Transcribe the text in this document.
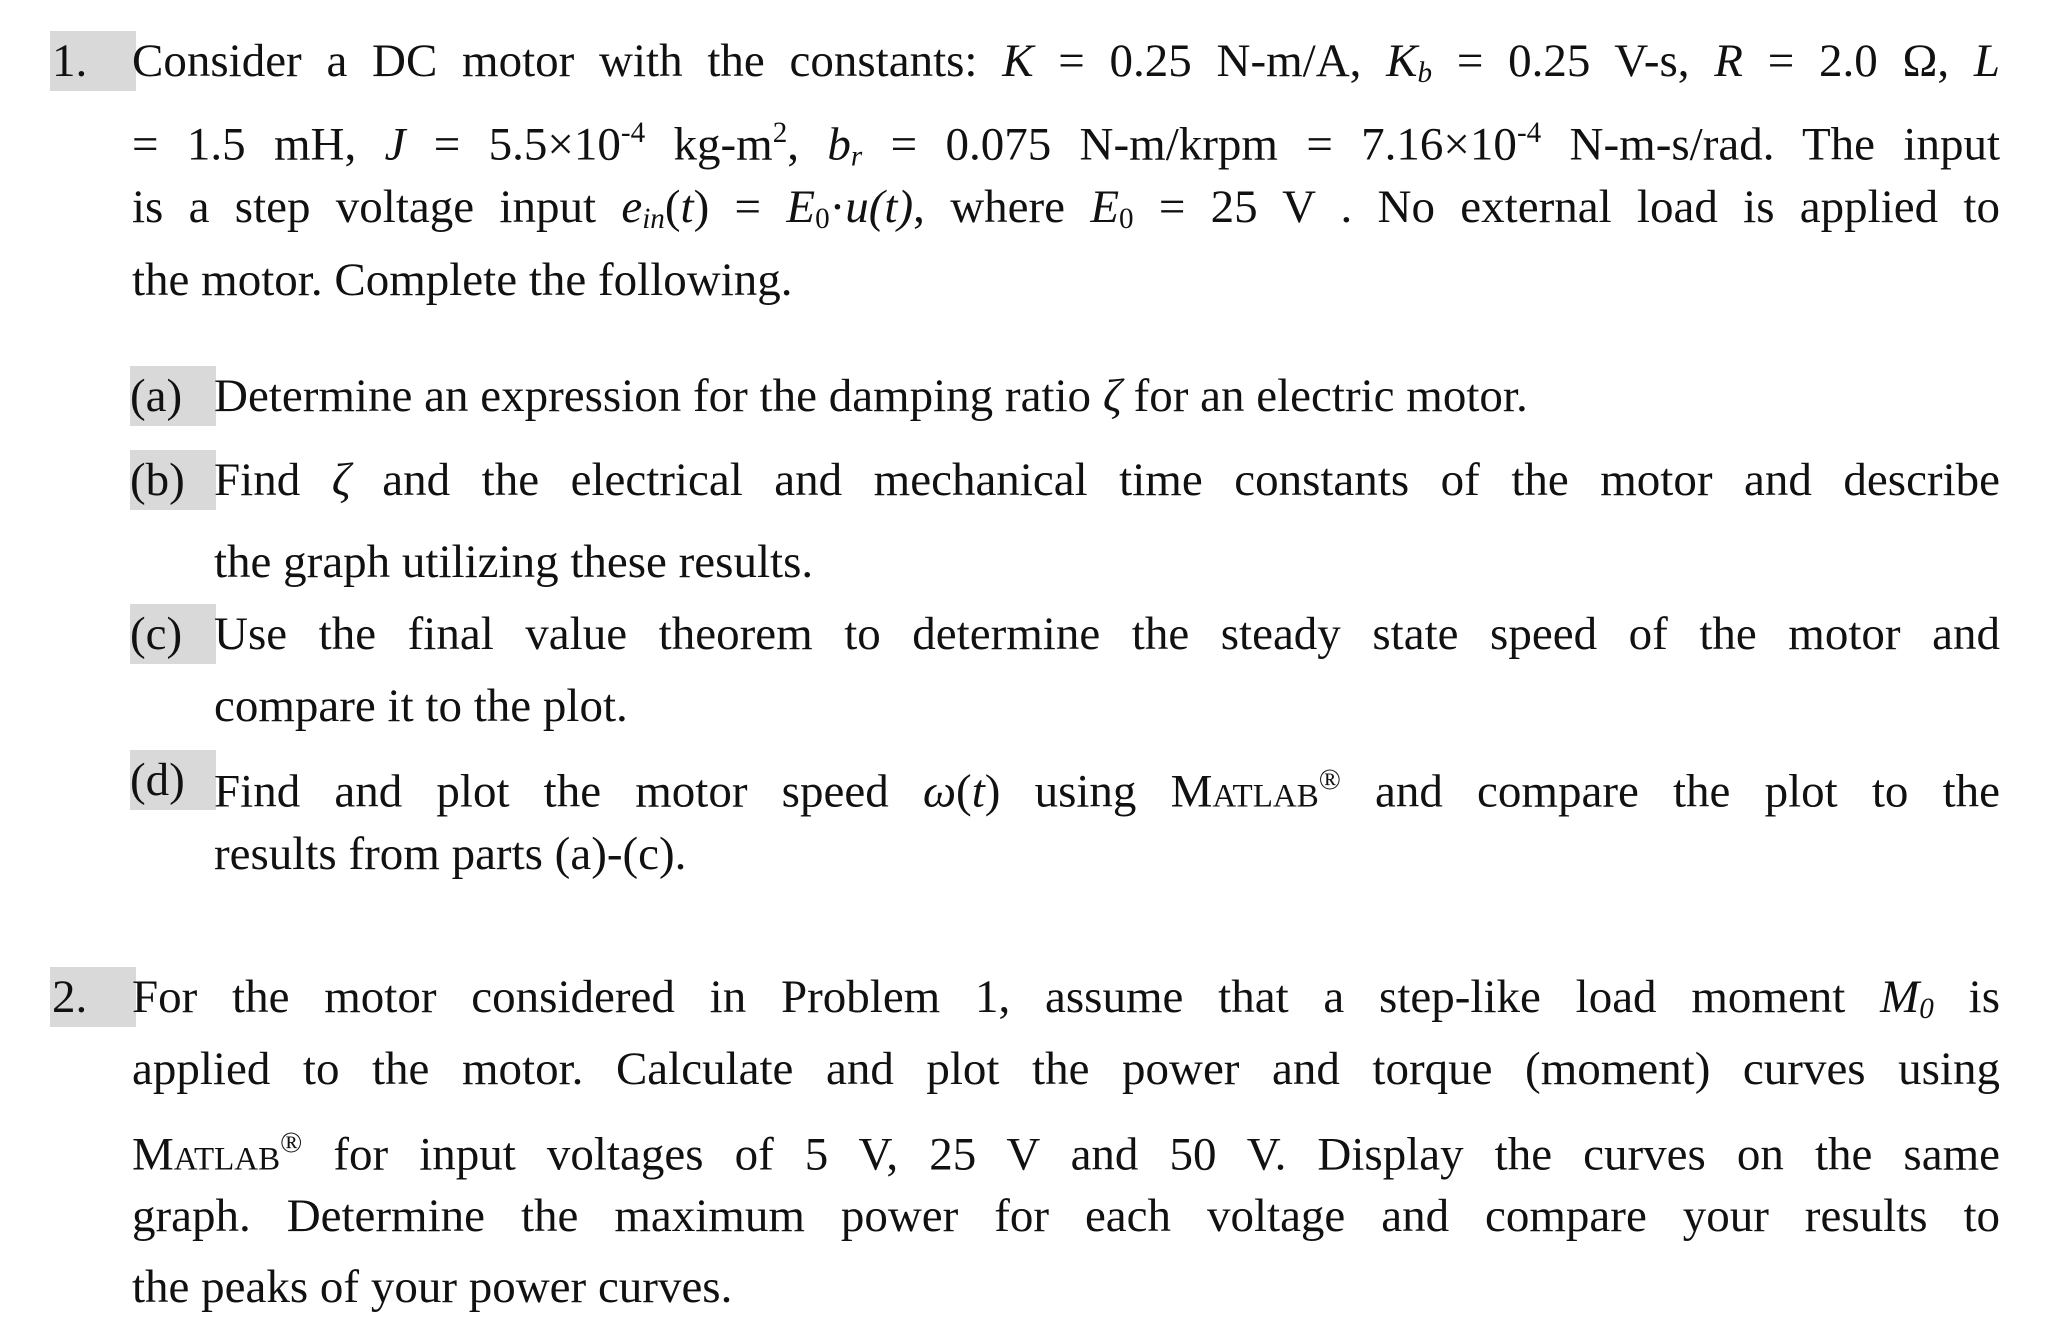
1. Consider a DC motor with the constants: K = 0.25 N-m/A, Kb = 0.25 V-s, R = 2.0 Ω, L
= 1.5 mH, $J = 5.5\times 10^{-4}$ $kg-m^2$, br = 0.075 N-m/krpm = $7.16\times 10^{-4}$ N-m-s/rad. The input
is a step voltage input ein(t) = E0·u(t), where E0 = 25 V . No external load is applied to
the motor. Complete the following.
(a) Determine an expression for the damping ratio ζ for an electric motor.
(b) Find ζ and the electrical and mechanical time constants of the motor and describe
the graph utilizing these results.
(c) Use the final value theorem to determine the steady state speed of the motor and
compare it to the plot.
(d) Find and plot the motor speed ω(t) using Matlab® and compare the plot to the
results from parts (a)-(c).
2. For the motor considered in Problem 1, assume that a step-like load moment M0 is
applied to the motor. Calculate and plot the power and torque (moment) curves using
Matlab® for input voltages of 5 V, 25 V and 50 V. Display the curves on the same
graph. Determine the maximum power for each voltage and compare your results to
the peaks of your power curves.
